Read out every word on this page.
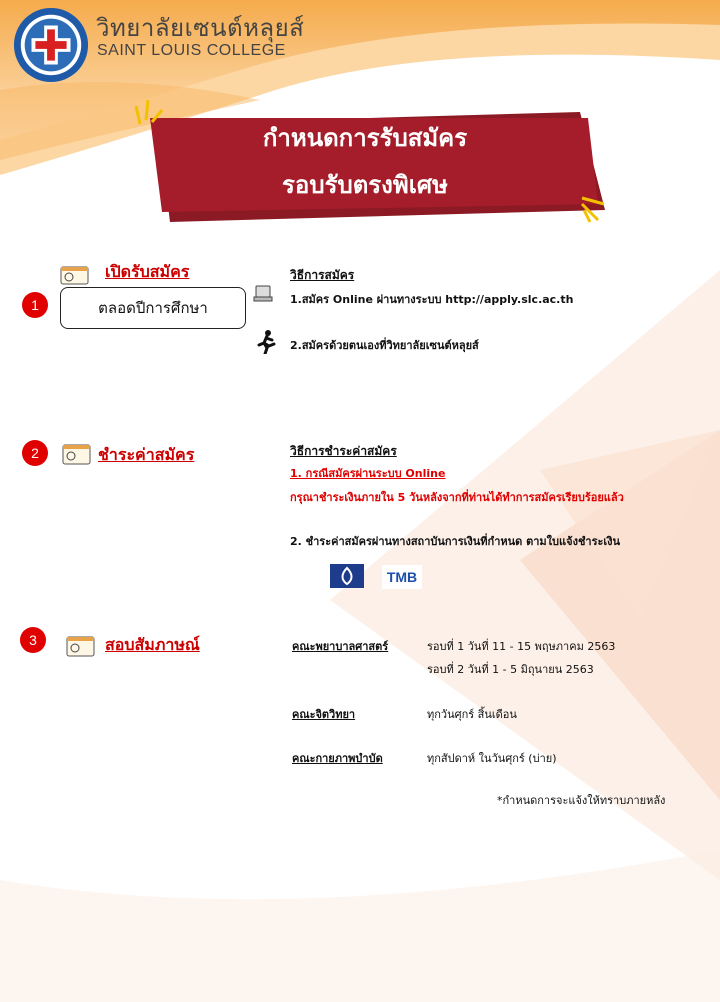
วิทยาลัยเซนต์หลุยส์
SAINT LOUIS COLLEGE
กำหนดการรับสมัคร
รอบรับตรงพิเศษ
เปิดรับสมัคร
1	ตลอดปีการศึกษา
วิธีการสมัคร
1.สมัคร Online ผ่านทางระบบ http://apply.slc.ac.th
2.สมัครด้วยตนเองที่วิทยาลัยเซนต์หลุยส์
2	ชำระค่าสมัคร	วิธีการชำระค่าสมัคร
1. กรณีสมัครผ่านระบบ Online
กรุณาชำระเงินภายใน 5 วันหลังจากที่ท่านได้ทำการสมัครเรียบร้อยแล้ว
2. ชำระค่าสมัครผ่านทางสถาบันการเงินที่กำหนด ตามใบแจ้งชำระเงิน
TMB
3	สอบสัมภาษณ์	คณะพยาบาลศาสตร์	รอบที่ 1 วันที่ 11 - 15 พฤษภาคม 2563
รอบที่ 2 วันที่ 1 - 5 มิถุนายน 2563
คณะจิตวิทยา	ทุกวันศุกร์ สิ้นเดือน
คณะกายภาพบำบัด	ทุกสัปดาห์ ในวันศุกร์ (บ่าย)
*กำหนดการจะแจ้งให้ทราบภายหลัง
